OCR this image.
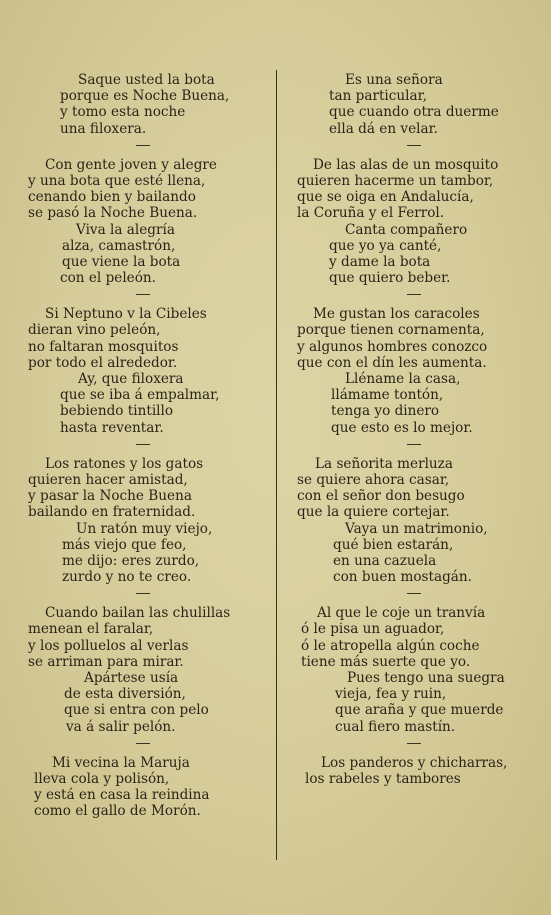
Saque usted la bota
porque es Noche Buena,
y tomo esta noche
una filoxera.
Con gente joven y alegre
y una bota que esté llena,
cenando bien y bailando
se pasó la Noche Buena.
Viva la alegría
alza, camastrón,
que viene la bota
con el peleón.
Si Neptuno v la Cibeles
dieran vino peleón,
no faltaran mosquitos
por todo el alrededor.
Ay, que filoxera
que se iba á empalmar,
bebiendo tintillo
hasta reventar.
Los ratones y los gatos
quieren hacer amistad,
y pasar la Noche Buena
bailando en fraternidad.
Un ratón muy viejo,
más viejo que feo,
me dijo: eres zurdo,
zurdo y no te creo.
Cuando bailan las chulillas
menean el faralar,
y los polluelos al verlas
se arriman para mirar.
Apártese usía
de esta diversión,
que si entra con pelo
va á salir pelón.
Mi vecina la Maruja
lleva cola y polisón,
y está en casa la reindina
como el gallo de Morón.
Es una señora
tan particular,
que cuando otra duerme
ella dá en velar.
De las alas de un mosquito
quieren hacerme un tambor,
que se oiga en Andalucía,
la Coruña y el Ferrol.
Canta compañero
que yo ya canté,
y dame la bota
que quiero beber.
Me gustan los caracoles
porque tienen cornamenta,
y algunos hombres conozco
que con el dín les aumenta.
Lléname la casa,
llámame tontón,
tenga yo dinero
que esto es lo mejor.
La señorita merluza
se quiere ahora casar,
con el señor don besugo
que la quiere cortejar.
Vaya un matrimonio,
qué bien estarán,
en una cazuela
con buen mostagán.
Al que le coje un tranvía
ó le pisa un aguador,
ó le atropella algún coche
tiene más suerte que yo.
Pues tengo una suegra
vieja, fea y ruin,
que araña y que muerde
cual fiero mastín.
Los panderos y chicharras,
los rabeles y tambores
